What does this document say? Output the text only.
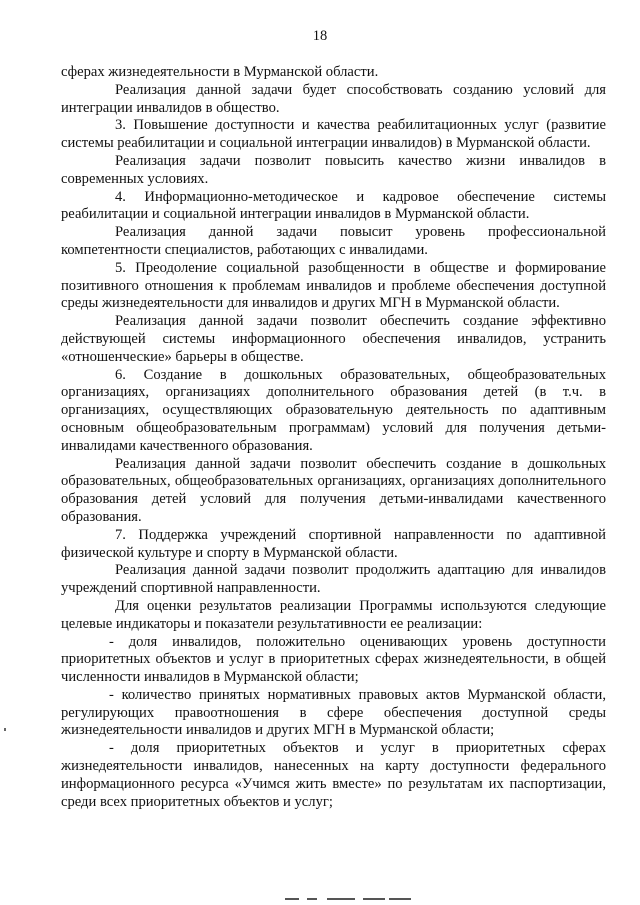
18

сферах жизнедеятельности в Мурманской области.

Реализация данной задачи будет способствовать созданию условий для интеграции инвалидов в общество.

3. Повышение доступности и качества реабилитационных услуг (развитие системы реабилитации и социальной интеграции инвалидов) в Мурманской области.

Реализация задачи позволит повысить качество жизни инвалидов в современных условиях.

4. Информационно-методическое и кадровое обеспечение системы реабилитации и социальной интеграции инвалидов в Мурманской области.

Реализация данной задачи повысит уровень профессиональной компетентности специалистов, работающих с инвалидами.

5. Преодоление социальной разобщенности в обществе и формирование позитивного отношения к проблемам инвалидов и проблеме обеспечения доступной среды жизнедеятельности для инвалидов и других МГН в Мурманской области.

Реализация данной задачи позволит обеспечить создание эффективно действующей системы информационного обеспечения инвалидов, устранить «отношенческие» барьеры в обществе.

6. Создание в дошкольных образовательных, общеобразовательных организациях, организациях дополнительного образования детей (в т.ч. в организациях, осуществляющих образовательную деятельность по адаптивным основным общеобразовательным программам) условий для получения детьми-инвалидами качественного образования.

Реализация данной задачи позволит обеспечить создание в дошкольных образовательных, общеобразовательных организациях, организациях дополнительного образования детей условий для получения детьми-инвалидами качественного образования.

7. Поддержка учреждений спортивной направленности по адаптивной физической культуре и спорту в Мурманской области.

Реализация данной задачи позволит продолжить адаптацию для инвалидов учреждений спортивной направленности.

Для оценки результатов реализации Программы используются следующие целевые индикаторы и показатели результативности ее реализации:

- доля инвалидов, положительно оценивающих уровень доступности приоритетных объектов и услуг в приоритетных сферах жизнедеятельности, в общей численности инвалидов в Мурманской области;

- количество принятых нормативных правовых актов Мурманской области, регулирующих правоотношения в сфере обеспечения доступной среды жизнедеятельности инвалидов и других МГН в Мурманской области;

- доля приоритетных объектов и услуг в приоритетных сферах жизнедеятельности инвалидов, нанесенных на карту доступности федерального информационного ресурса «Учимся жить вместе» по результатам их паспортизации, среди всех приоритетных объектов и услуг;
